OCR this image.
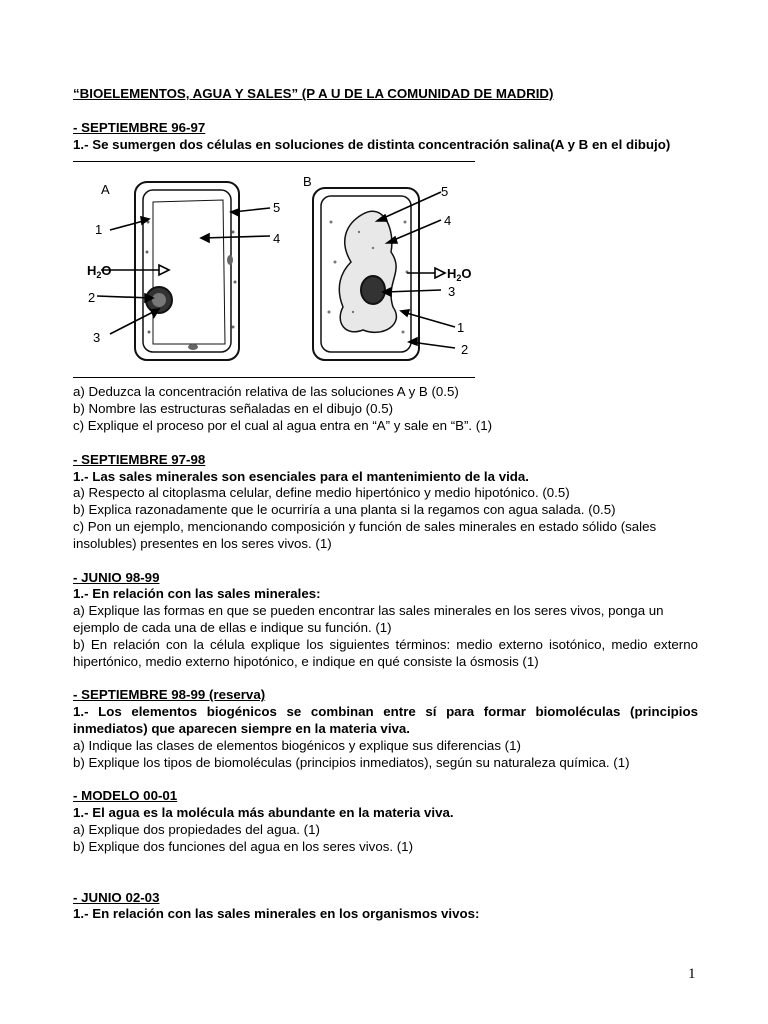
“BIOELEMENTOS, AGUA Y SALES” (P A U DE LA COMUNIDAD DE MADRID)

- SEPTIEMBRE 96-97
1.- Se sumergen dos células en soluciones de distinta concentración salina(A y B en el dibujo)
A
B
1
2
3
4
5
1
2
3
4
5
$H_2O$	$H_2O$
a) Deduzca la concentración relativa de las soluciones A y B (0.5)
b) Nombre las estructuras señaladas en el dibujo (0.5)
c) Explique el proceso por el cual al agua entra en “A” y sale en “B”. (1)
- SEPTIEMBRE 97-98
1.- Las sales minerales son esenciales para el mantenimiento de la vida.
a) Respecto al citoplasma celular, define medio hipertónico y medio hipotónico. (0.5)
b) Explica razonadamente que le ocurriría a una planta si la regamos con agua salada. (0.5)
c) Pon un ejemplo, mencionando composición y función de sales minerales en estado sólido (sales insolubles) presentes en los seres vivos. (1)
- JUNIO 98-99
1.- En relación con las sales minerales:
a) Explique las formas en que se pueden encontrar las sales minerales en los seres vivos, ponga un ejemplo de cada una de ellas e indique su función. (1)
b) En relación con la célula explique los siguientes términos: medio externo isotónico, medio externo hipertónico, medio externo hipotónico, e indique en qué consiste la ósmosis (1)
- SEPTIEMBRE 98-99 (reserva)
1.- Los elementos biogénicos se combinan entre sí para formar biomoléculas (principios inmediatos) que aparecen siempre en la materia viva.
a) Indique las clases de elementos biogénicos y explique sus diferencias (1)
b) Explique los tipos de biomoléculas (principios inmediatos), según su naturaleza química. (1)
- MODELO 00-01
1.- El agua es la molécula más abundante en la materia viva.
a) Explique dos propiedades del agua. (1)
b) Explique dos funciones del agua en los seres vivos. (1)
- JUNIO 02-03
1.- En relación con las sales minerales en los organismos vivos:
1
